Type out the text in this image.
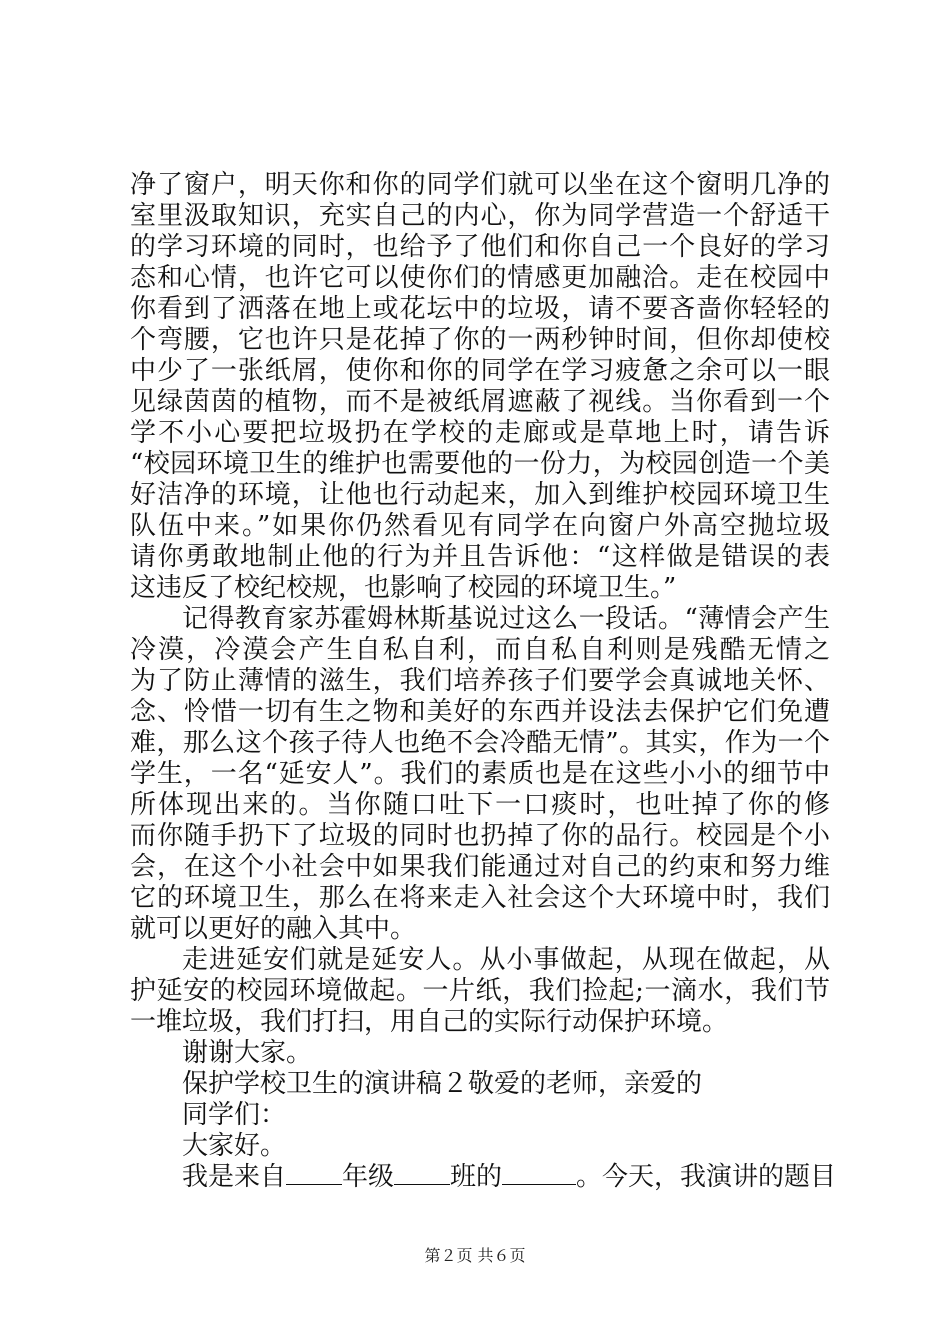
净了窗户，明天你和你的同学们就可以坐在这个窗明几净的
室里汲取知识，充实自己的内心，你为同学营造一个舒适干
的学习环境的同时，也给予了他们和你自己一个良好的学习
态和心情，也许它可以使你们的情感更加融洽。走在校园中
你看到了洒落在地上或花坛中的垃圾，请不要吝啬你轻轻的
个弯腰，它也许只是花掉了你的一两秒钟时间，但你却使校
中少了一张纸屑，使你和你的同学在学习疲惫之余可以一眼
见绿茵茵的植物，而不是被纸屑遮蔽了视线。当你看到一个
学不小心要把垃圾扔在学校的走廊或是草地上时，请告诉
“校园环境卫生的维护也需要他的一份力，为校园创造一个美
好洁净的环境，让他也行动起来，加入到维护校园环境卫生
队伍中来。”如果你仍然看见有同学在向窗户外高空抛垃圾
请你勇敢地制止他的行为并且告诉他：“这样做是错误的表
这违反了校纪校规，也影响了校园的环境卫生。”
记得教育家苏霍姆林斯基说过这么一段话。“薄情会产生
冷漠，冷漠会产生自私自利，而自私自利则是残酷无情之
为了防止薄情的滋生，我们培养孩子们要学会真诚地关怀、
念、怜惜一切有生之物和美好的东西并设法去保护它们免遭
难，那么这个孩子待人也绝不会冷酷无情”。其实，作为一个
学生，一名“延安人”。我们的素质也是在这些小小的细节中
所体现出来的。当你随口吐下一口痰时，也吐掉了你的修
而你随手扔下了垃圾的同时也扔掉了你的品行。校园是个小
会，在这个小社会中如果我们能通过对自己的约束和努力维
它的环境卫生，那么在将来走入社会这个大环境中时，我们
就可以更好的融入其中。
走进延安们就是延安人。从小事做起，从现在做起，从
护延安的校园环境做起。一片纸，我们捡起;一滴水，我们节
一堆垃圾，我们打扫，用自己的实际行动保护环境。
谢谢大家。
保护学校卫生的演讲稿２敬爱的老师，亲爱的
同学们：
大家好。
我是来自 年级 班的	。今天，我演讲的题目
第２页 共６页
